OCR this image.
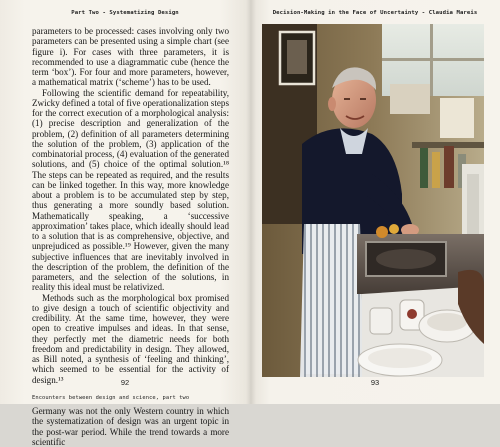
Part Two - Systematizing Design

parameters to be processed: cases involving only two parameters can be presented using a simple chart (see figure i). For cases with three parameters, it is recommended to use a diagrammatic cube (hence the term ‘box’). For four and more parameters, however, a mathematical matrix (‘scheme’) has to be used.

Following the scientific demand for repeatability, Zwicky defined a total of five operationalization steps for the correct execution of a morphological analysis: (1) precise description and generalization of the problem, (2) definition of all parameters determining the solution of the problem, (3) application of the combinatorial process, (4) evaluation of the generated solutions, and (5) choice of the optimal solution.¹⁸ The steps can be repeated as required, and the results can be linked together. In this way, more knowledge about a problem is to be accumulated step by step, thus generating a more soundly based solution. Mathematically speaking, a ‘successive approximation’ takes place, which ideally should lead to a solution that is as comprehensive, objective, and unprejudiced as possible.¹⁹ However, given the many subjective influences that are inevitably involved in the description of the problem, the definition of the parameters, and the selection of the solutions, in reality this ideal must be relativized.

Methods such as the morphological box promised to give design a touch of scientific objectivity and credibility. At the same time, however, they were open to creative impulses and ideas. In that sense, they perfectly met the diametric needs for both freedom and predictability in design. They allowed, as Bill noted, a synthesis of ‘feeling and thinking’, which seemed to be essential for the activity of design.¹³

Encounters between design and science, part two

Germany was not the only Western country in which the systematization of design was an urgent topic in the post-war period. While the trend towards a more scientific

92
Decision-Making in the Face of Uncertainty - Claudia Mareis
93
